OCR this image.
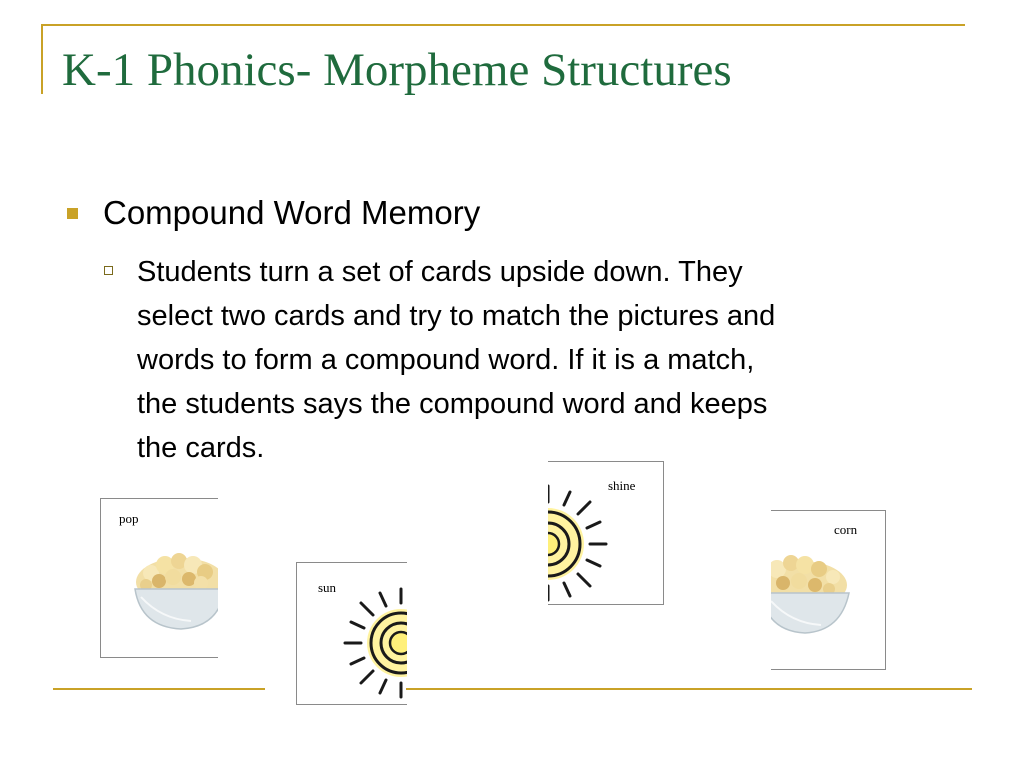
K-1 Phonics- Morpheme Structures
Compound Word Memory
Students turn a set of cards upside down. They
select two cards and try to match the pictures and
words to form a compound word. If it is a match,
the students says the compound word and keeps
the cards.
pop
sun
shine
corn
